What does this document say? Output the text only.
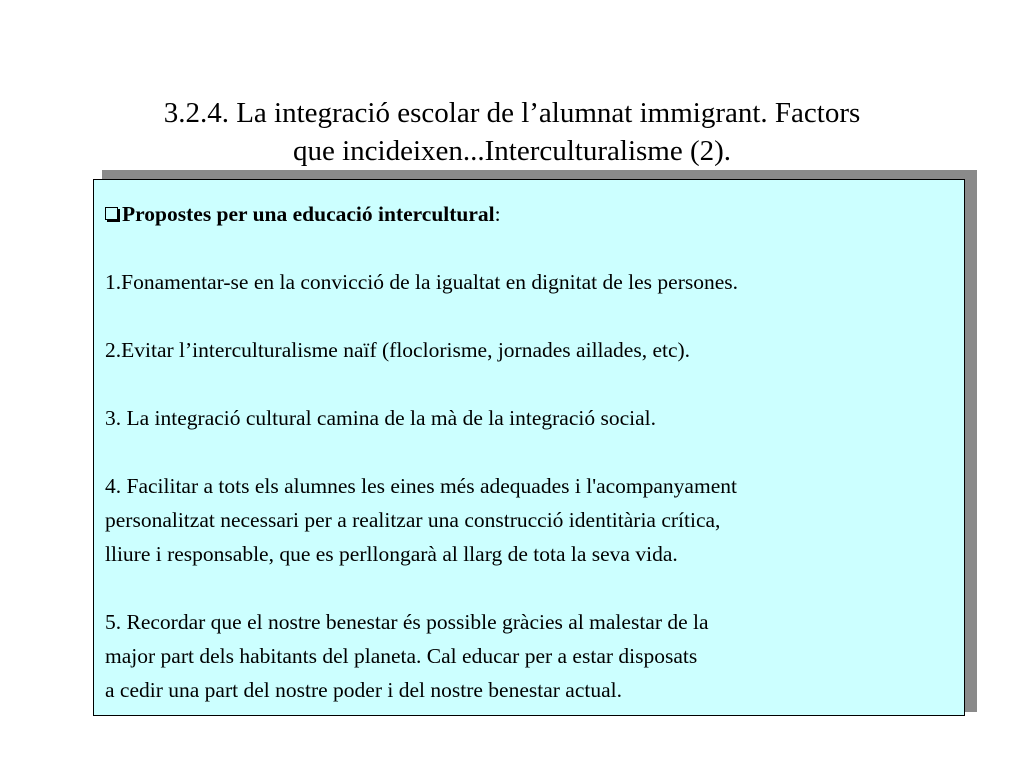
3.2.4. La integració escolar de l’alumnat immigrant. Factors
que incideixen...Interculturalisme (2).
Propostes per una educació intercultural:
1.Fonamentar-se en la convicció de la igualtat en dignitat de les persones.
2.Evitar l’interculturalisme naïf (floclorisme, jornades aillades, etc).
3. La integració cultural camina de la mà de la integració social.
4. Facilitar a tots els alumnes les eines més adequades i l'acompanyament
personalitzat necessari per a realitzar una construcció identitària crítica,
lliure i responsable, que es perllongarà al llarg de tota la seva vida.
5. Recordar que el nostre benestar és possible gràcies al malestar de la
major part dels habitants del planeta. Cal educar per a estar disposats
a cedir una part del nostre poder i del nostre benestar actual.
